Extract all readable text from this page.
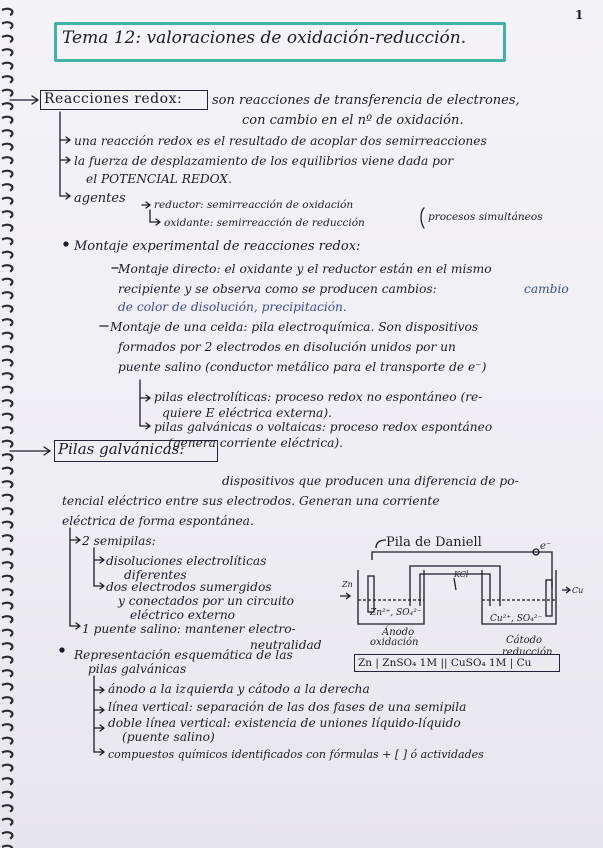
1
Tema 12: valoraciones de oxidación-reducción.
Reacciones redox: son reacciones de transferencia de electrones,
con cambio en el nº de oxidación.
una reacción redox es el resultado de acoplar dos semirreacciones
la fuerza de desplazamiento de los equilibrios viene dada por
el POTENCIAL REDOX.
agentes	reductor: semirreacción de oxidación
oxidante: semirreacción de reducción	procesos simultáneos
Montaje experimental de reacciones redox:
Montaje directo: el oxidante y el reductor están en el mismo
recipiente y se observa como se producen cambios:	cambio
de color de disolución, precipitación.
Montaje de una celda: pila electroquímica. Son dispositivos
formados por 2 electrodos en disolución unidos por un
puente salino (conductor metálico para el transporte de e⁻)
pilas electrolíticas: proceso redox no espontáneo (re-
quiere E eléctrica externa).
pilas galvánicas o voltaicas: proceso redox espontáneo
(genera corriente eléctrica).
Pilas galvánicas:
dispositivos que producen una diferencia de po-
tencial eléctrico entre sus electrodos. Generan una corriente
eléctrica de forma espontánea.
2 semipilas:
disoluciones electrolíticas
diferentes
dos electrodos sumergidos
y conectados por un circuito
eléctrico externo
1 puente salino: mantener electro-
neutralidad
Pila de Daniell	e⁻
Zn
Cu
KCl
Zn²⁺, SO₄²⁻
Cu²⁺, SO₄²⁻
Ánodo
oxidación	Cátodo
reducción
Representación esquemática de las
pilas galvánicas	Zn | ZnSO₄ 1M || CuSO₄ 1M | Cu
ánodo a la izquierda y cátodo a la derecha
línea vertical: separación de las dos fases de una semipila
doble línea vertical: existencia de uniones líquido-líquido
(puente salino)
compuestos químicos identificados con fórmulas + [ ] ó actividades
